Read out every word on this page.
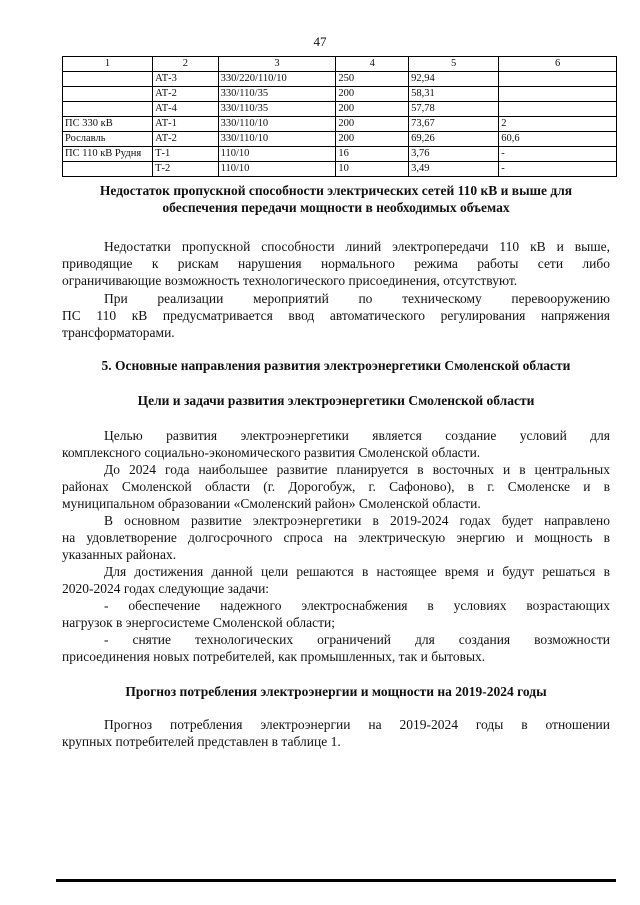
47
1	2	3	4	5	6
	АТ-3	330/220/110/10	250	92,94	
	АТ-2	330/110/35	200	58,31	
	АТ-4	330/110/35	200	57,78	
ПС 330 кВ	АТ-1	330/110/10	200	73,67	2
Рославль	АТ-2	330/110/10	200	69,26	60,6
ПС 110 кВ Рудня	Т-1	110/10	16	3,76	-
	Т-2	110/10	10	3,49	-

Недостаток пропускной способности электрических сетей 110 кВ и выше для

обеспечения передачи мощности в необходимых объемах

Недостатки пропускной способности линий электропередачи 110 кВ и выше,

приводящие к рискам нарушения нормального режима работы сети либо

ограничивающие возможность технологического присоединения, отсутствуют.

При реализации мероприятий по техническому перевооружению

ПС 110 кВ предусматривается ввод автоматического регулирования напряжения

трансформаторами.

5. Основные направления развития электроэнергетики Смоленской области

Цели и задачи развития электроэнергетики Смоленской области

Целью развития электроэнергетики является создание условий для

комплексного социально-экономического развития Смоленской области.

До 2024 года наибольшее развитие планируется в восточных и в центральных

районах Смоленской области (г. Дорогобуж, г. Сафоново), в г. Смоленске и в

муниципальном образовании «Смоленский район» Смоленской области.

В основном развитие электроэнергетики в 2019-2024 годах будет направлено

на удовлетворение долгосрочного спроса на электрическую энергию и мощность в

указанных районах.

Для достижения данной цели решаются в настоящее время и будут решаться в

2020-2024 годах следующие задачи:

- обеспечение надежного электроснабжения в условиях возрастающих

нагрузок в энергосистеме Смоленской области;

- снятие технологических ограничений для создания возможности

присоединения новых потребителей, как промышленных, так и бытовых.

Прогноз потребления электроэнергии и мощности на 2019-2024 годы

Прогноз потребления электроэнергии на 2019-2024 годы в отношении

крупных потребителей представлен в таблице 1.
